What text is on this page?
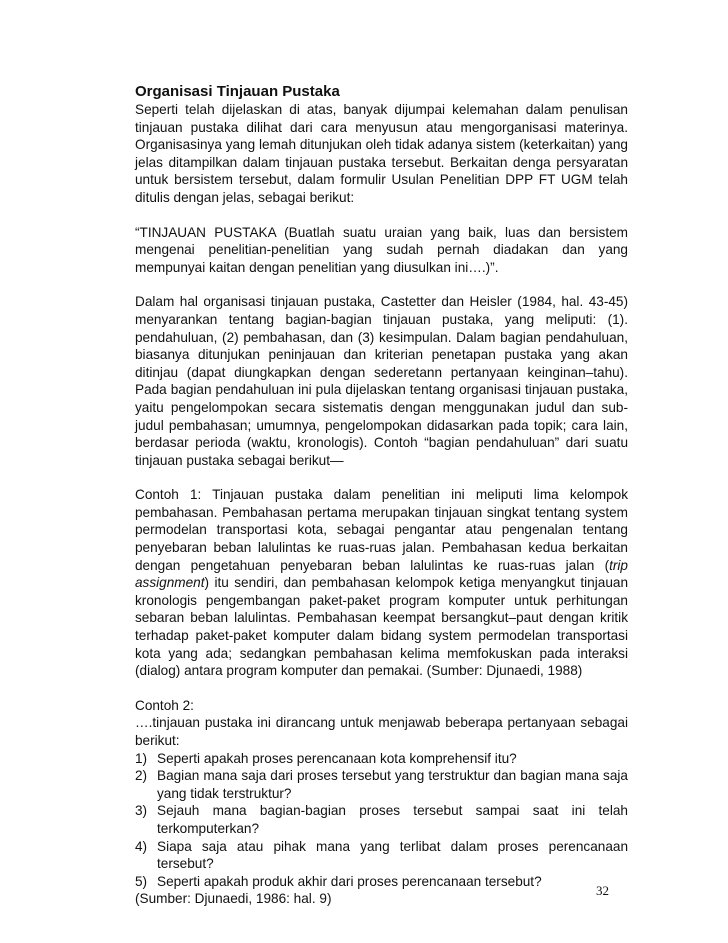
Organisasi Tinjauan Pustaka

Seperti telah dijelaskan di atas, banyak dijumpai kelemahan dalam penulisan tinjauan pustaka dilihat dari cara menyusun atau mengorganisasi materinya. Organisasinya yang lemah ditunjukan oleh tidak adanya sistem (keterkaitan) yang jelas ditampilkan dalam tinjauan pustaka tersebut. Berkaitan denga persyaratan untuk bersistem tersebut, dalam formulir Usulan Penelitian DPP FT UGM telah ditulis dengan jelas, sebagai berikut:

“TINJAUAN PUSTAKA (Buatlah suatu uraian yang baik, luas dan bersistem mengenai penelitian-penelitian yang sudah pernah diadakan dan yang mempunyai kaitan dengan penelitian yang diusulkan ini….)”.

Dalam hal organisasi tinjauan pustaka, Castetter dan Heisler (1984, hal. 43-45) menyarankan tentang bagian-bagian tinjauan pustaka, yang meliputi: (1). pendahuluan, (2) pembahasan, dan (3) kesimpulan. Dalam bagian pendahuluan, biasanya ditunjukan peninjauan dan kriterian penetapan pustaka yang akan ditinjau (dapat diungkapkan dengan sederetann pertanyaan keinginan–tahu). Pada bagian pendahuluan ini pula dijelaskan tentang organisasi tinjauan pustaka, yaitu pengelompokan secara sistematis dengan menggunakan judul dan sub-judul pembahasan; umumnya, pengelompokan didasarkan pada topik; cara lain, berdasar perioda (waktu, kronologis). Contoh “bagian pendahuluan” dari suatu tinjauan pustaka sebagai berikut—

Contoh 1: Tinjauan pustaka dalam penelitian ini meliputi lima kelompok pembahasan. Pembahasan pertama merupakan tinjauan singkat tentang system permodelan transportasi kota, sebagai pengantar atau pengenalan tentang penyebaran beban lalulintas ke ruas-ruas jalan. Pembahasan kedua berkaitan dengan pengetahuan penyebaran beban lalulintas ke ruas-ruas jalan (trip assignment) itu sendiri, dan pembahasan kelompok ketiga menyangkut tinjauan kronologis pengembangan paket-paket program komputer untuk perhitungan sebaran beban lalulintas. Pembahasan keempat bersangkut–paut dengan kritik terhadap paket-paket komputer dalam bidang system permodelan transportasi kota yang ada; sedangkan pembahasan kelima memfokuskan pada interaksi (dialog) antara program komputer dan pemakai. (Sumber: Djunaedi, 1988)

Contoh 2:

….tinjauan pustaka ini dirancang untuk menjawab beberapa pertanyaan sebagai berikut:

1) Seperti apakah proses perencanaan kota komprehensif itu?
2) Bagian mana saja dari proses tersebut yang terstruktur dan bagian mana saja yang tidak terstruktur?
3) Sejauh mana bagian-bagian proses tersebut sampai saat ini telah terkomputerkan?
4) Siapa saja atau pihak mana yang terlibat dalam proses perencanaan tersebut?
5) Seperti apakah produk akhir dari proses perencanaan tersebut?

(Sumber: Djunaedi, 1986: hal. 9)

32
